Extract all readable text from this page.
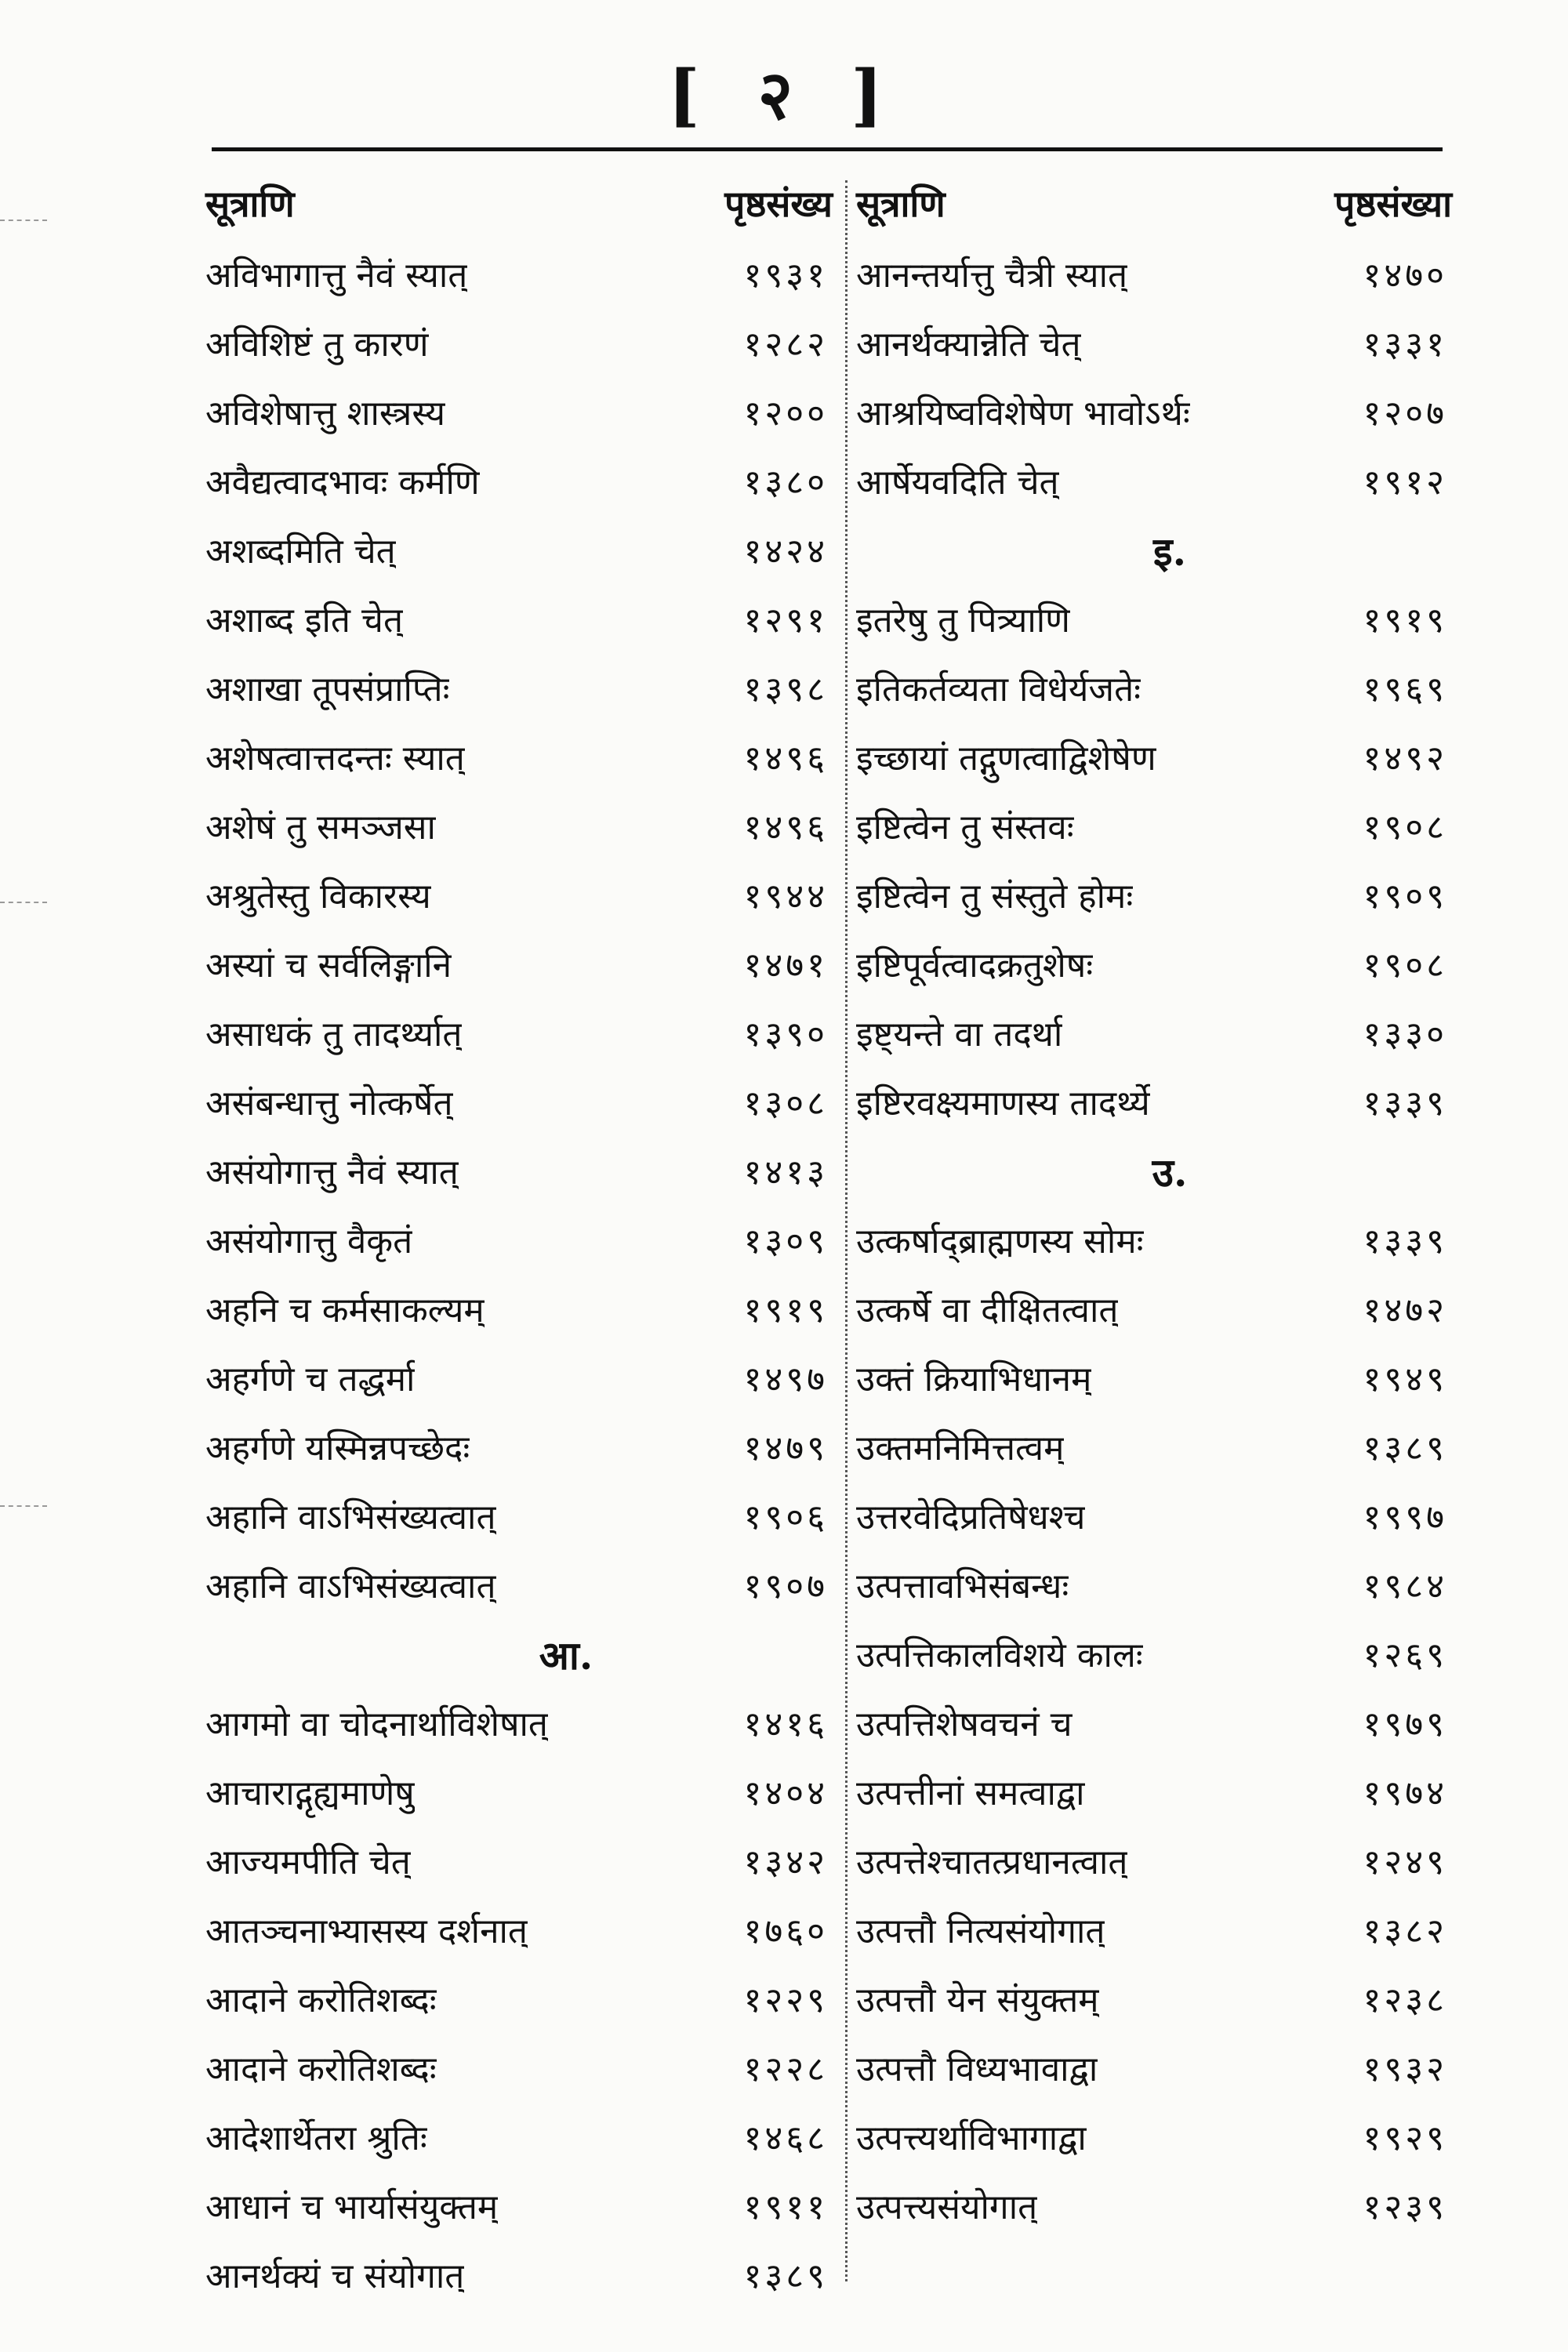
[ २ ]
सूत्राणि	पृष्ठसंख्य
अविभागात्तु नैवं स्यात्	१९३१
अविशिष्टं तु कारणं	१२८२
अविशेषात्तु शास्त्रस्य	१२००
अवैद्यत्वादभावः कर्मणि	१३८०
अशब्दमिति चेत्	१४२४
अशाब्द इति चेत्	१२९१
अशाखा तूपसंप्राप्तिः	१३९८
अशेषत्वात्तदन्तः स्यात्	१४९६
अशेषं तु समञ्जसा	१४९६
अश्रुतेस्तु विकारस्य	१९४४
अस्यां च सर्वलिङ्गानि	१४७१
असाधकं तु तादर्थ्यात्	१३९०
असंबन्धात्तु नोत्कर्षेत्	१३०८
असंयोगात्तु नैवं स्यात्	१४१३
असंयोगात्तु वैकृतं	१३०९
अहनि च कर्मसाकल्यम्	१९१९
अहर्गणे च तद्धर्मा	१४९७
अहर्गणे यस्मिन्नपच्छेदः	१४७९
अहानि वाऽभिसंख्यत्वात्	१९०६
अहानि वाऽभिसंख्यत्वात्	१९०७
आ.
आगमो वा चोदनार्थाविशेषात्	१४१६
आचाराद्गृह्यमाणेषु	१४०४
आज्यमपीति चेत्	१३४२
आतञ्चनाभ्यासस्य दर्शनात्	१७६०
आदाने करोतिशब्दः	१२२९
आदाने करोतिशब्दः	१२२८
आदेशार्थेतरा श्रुतिः	१४६८
आधानं च भार्यासंयुक्तम्	१९११
आनर्थक्यं च संयोगात्	१३८९
सूत्राणि	पृष्ठसंख्या
आनन्तर्यात्तु चैत्री स्यात्	१४७०
आनर्थक्यान्नेति चेत्	१३३१
आश्रयिष्वविशेषेण भावोऽर्थः	१२०७
आर्षेयवदिति चेत्	१९१२
इ.
इतरेषु तु पित्र्याणि	१९१९
इतिकर्तव्यता विधेर्यजतेः	१९६९
इच्छायां तद्गुणत्वाद्विशेषेण	१४९२
इष्टित्वेन तु संस्तवः	१९०८
इष्टित्वेन तु संस्तुते होमः	१९०९
इष्टिपूर्वत्वादक्रतुशेषः	१९०८
इष्ट्यन्ते वा तदर्था	१३३०
इष्टिरवक्ष्यमाणस्य तादर्थ्ये	१३३९
उ.
उत्कर्षाद्ब्राह्मणस्य सोमः	१३३९
उत्कर्षे वा दीक्षितत्वात्	१४७२
उक्तं क्रियाभिधानम्	१९४९
उक्तमनिमित्तत्वम्	१३८९
उत्तरवेदिप्रतिषेधश्च	१९९७
उत्पत्तावभिसंबन्धः	१९८४
उत्पत्तिकालविशये कालः	१२६९
उत्पत्तिशेषवचनं च	१९७९
उत्पत्तीनां समत्वाद्वा	१९७४
उत्पत्तेश्चातत्प्रधानत्वात्	१२४९
उत्पत्तौ नित्यसंयोगात्	१३८२
उत्पत्तौ येन संयुक्तम्	१२३८
उत्पत्तौ विध्यभावाद्वा	१९३२
उत्पत्त्यर्थाविभागाद्वा	१९२९
उत्पत्त्यसंयोगात्	१२३९
